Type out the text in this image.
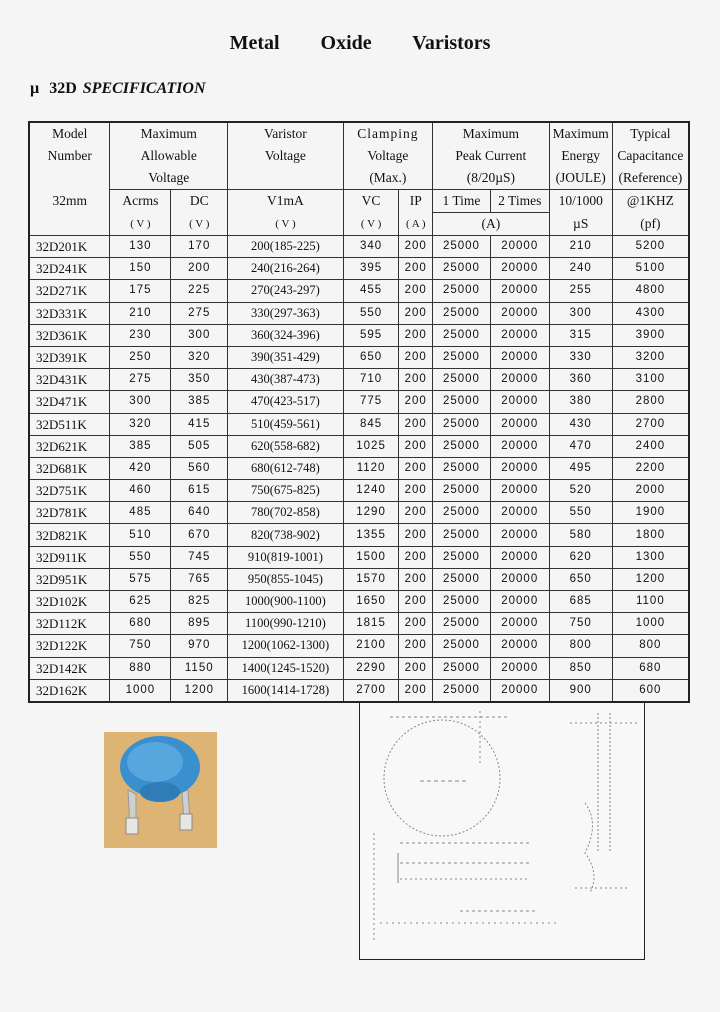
Metal Oxide Varistors
µ 32D SPECIFICATION
Model	Maximum		Varistor	Clamping		Maximum		Maximum	Typical
Number	Allowable		Voltage	Voltage		Peak Current		Energy	Capacitance
	Voltage			(Max.)		(8/20µS)		(JOULE)	(Reference)
32mm	Acrms	DC	V1mA	VC	IP	1 Time	2 Times	10/1000	@1KHZ
	( V )	( V )	( V )	( V )	( A )	(A)		µS	(pf)
32D201K	130	170	200(185-225)	340	200	25000	20000	210	5200
32D241K	150	200	240(216-264)	395	200	25000	20000	240	5100
32D271K	175	225	270(243-297)	455	200	25000	20000	255	4800
32D331K	210	275	330(297-363)	550	200	25000	20000	300	4300
32D361K	230	300	360(324-396)	595	200	25000	20000	315	3900
32D391K	250	320	390(351-429)	650	200	25000	20000	330	3200
32D431K	275	350	430(387-473)	710	200	25000	20000	360	3100
32D471K	300	385	470(423-517)	775	200	25000	20000	380	2800
32D511K	320	415	510(459-561)	845	200	25000	20000	430	2700
32D621K	385	505	620(558-682)	1025	200	25000	20000	470	2400
32D681K	420	560	680(612-748)	1120	200	25000	20000	495	2200
32D751K	460	615	750(675-825)	1240	200	25000	20000	520	2000
32D781K	485	640	780(702-858)	1290	200	25000	20000	550	1900
32D821K	510	670	820(738-902)	1355	200	25000	20000	580	1800
32D911K	550	745	910(819-1001)	1500	200	25000	20000	620	1300
32D951K	575	765	950(855-1045)	1570	200	25000	20000	650	1200
32D102K	625	825	1000(900-1100)	1650	200	25000	20000	685	1100
32D112K	680	895	1100(990-1210)	1815	200	25000	20000	750	1000
32D122K	750	970	1200(1062-1300)	2100	200	25000	20000	800	800
32D142K	880	1150	1400(1245-1520)	2290	200	25000	20000	850	680
32D162K	1000	1200	1600(1414-1728)	2700	200	25000	20000	900	600
